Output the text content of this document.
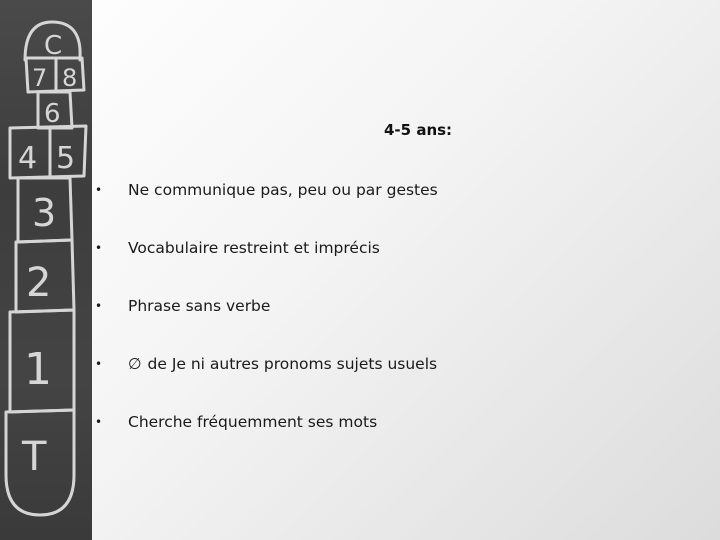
C
7 8
6
4 5
3
2
1
T
4-5 ans:
• Ne communique pas, peu ou par gestes
• Vocabulaire restreint et imprécis
• Phrase sans verbe
• ∅ de Je ni autres pronoms sujets usuels
• Cherche fréquemment ses mots
